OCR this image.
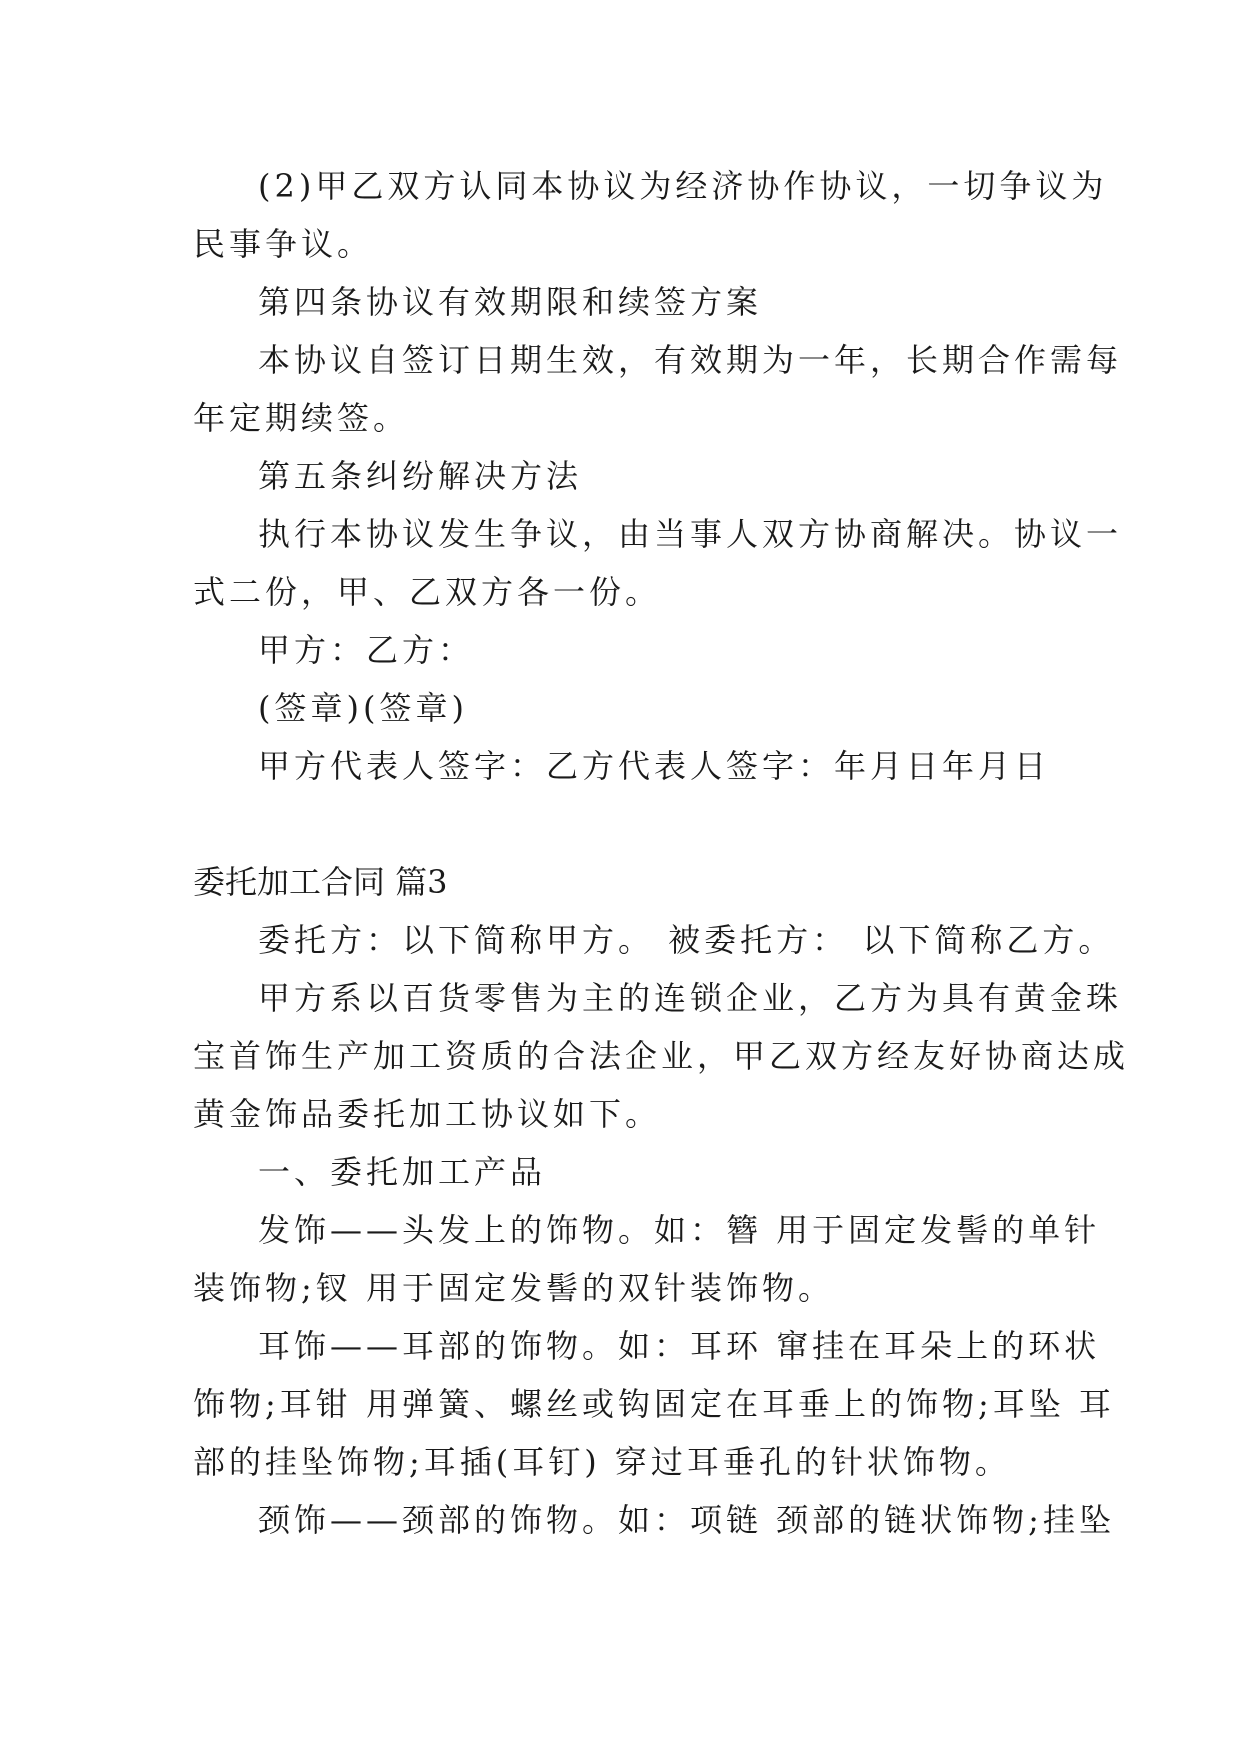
(2)甲乙双方认同本协议为经济协作协议，一切争议为
民事争议。
第四条协议有效期限和续签方案
本协议自签订日期生效，有效期为一年，长期合作需每
年定期续签。
第五条纠纷解决方法
执行本协议发生争议，由当事人双方协商解决。协议一
式二份，甲、乙双方各一份。
甲方：乙方：
(签章)(签章)
甲方代表人签字：乙方代表人签字：年月日年月日
委托加工合同 篇3
委托方：以下简称甲方。 被委托方： 以下简称乙方。
甲方系以百货零售为主的连锁企业，乙方为具有黄金珠
宝首饰生产加工资质的合法企业，甲乙双方经友好协商达成
黄金饰品委托加工协议如下。
一、委托加工产品
发饰——头发上的饰物。如：簪 用于固定发髻的单针
装饰物;钗 用于固定发髻的双针装饰物。
耳饰——耳部的饰物。如：耳环 窜挂在耳朵上的环状
饰物;耳钳 用弹簧、螺丝或钩固定在耳垂上的饰物;耳坠 耳
部的挂坠饰物;耳插(耳钉) 穿过耳垂孔的针状饰物。
颈饰——颈部的饰物。如：项链 颈部的链状饰物;挂坠
